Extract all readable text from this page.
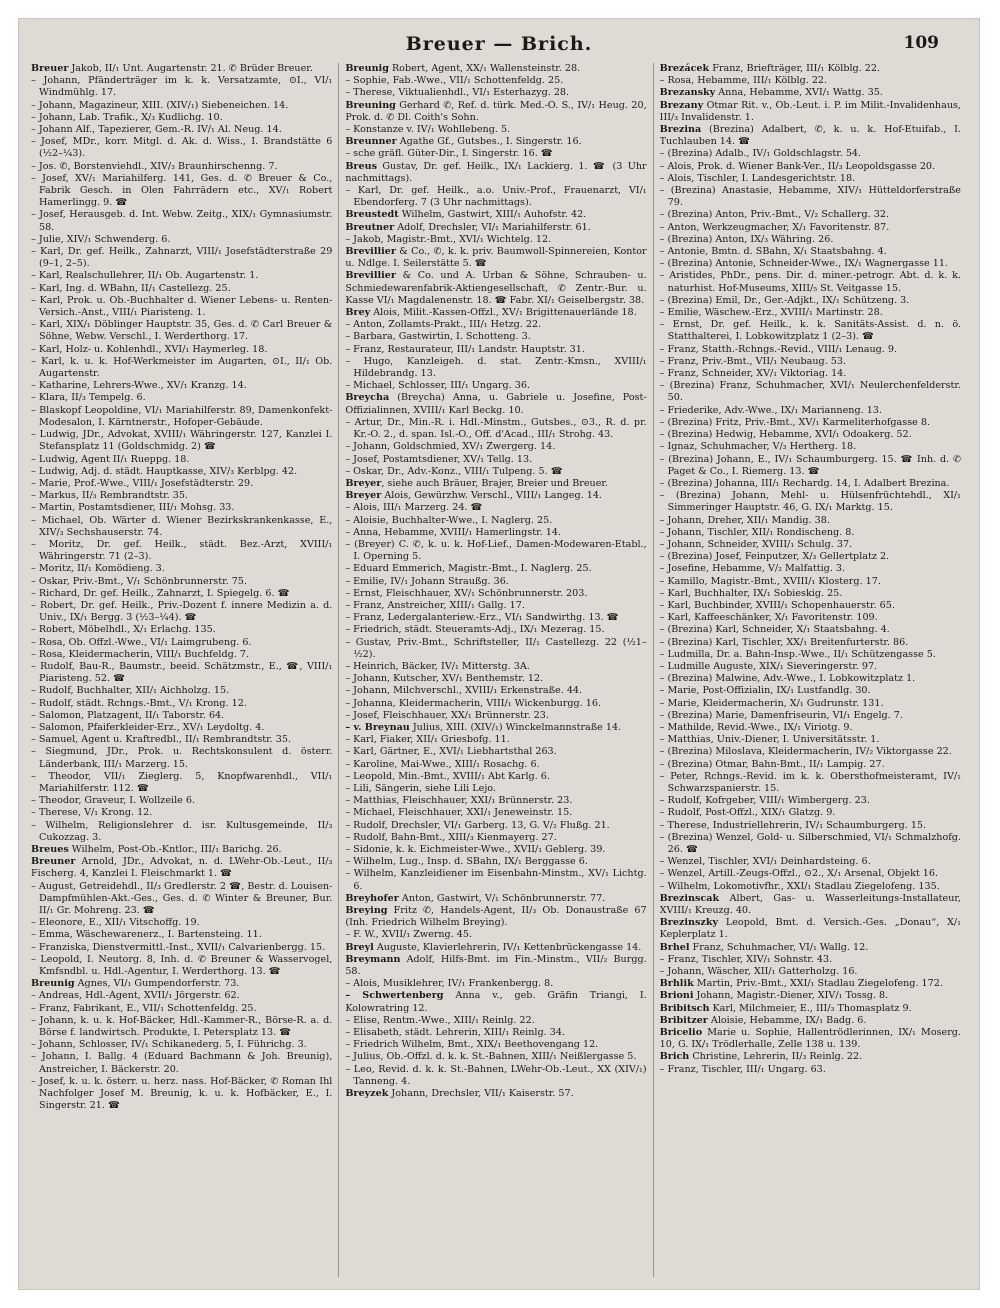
Breuer — Brich.	109

Breuer Jakob, II/₁ Unt. Augartenstr. 21. ✆ Brüder Breuer.

– Johann, Pfänderträger im k. k. Versatzamte, ⊙I., VI/₁ Windmühlg. 17.

– Johann, Magazineur, XIII. (XIV/₁) Siebeneichen. 14.

– Johann, Lab. Trafik., X/₃ Kudlichg. 10.

– Johann Alf., Tapezierer, Gem.-R. IV/₁ Al. Neug. 14.

– Josef, MDr., korr. Mitgl. d. Ak. d. Wiss., I. Brandstätte 6 (½2–¼3).

– Jos. ✆, Borstenviehdl., XIV/₃ Braunhirschenng. 7.

– Josef, XV/₁ Mariahilferg. 141, Ges. d. ✆ Breuer & Co., Fabrik Gesch. in Olen Fahrrädern etc., XV/₁ Robert Hamerlingg. 9. ☎

– Josef, Herausgeb. d. Int. Webw. Zeitg., XIX/₁ Gymnasiumstr. 58.

– Julie, XIV/₁ Schwenderg. 6.

– Karl, Dr. gef. Heilk., Zahnarzt, VIII/₁ Josefstädterstraße 29 (9–1, 2–5).

– Karl, Realschullehrer, II/₁ Ob. Augartenstr. 1.

– Karl, Ing. d. WBahn, II/₁ Castellezg. 25.

– Karl, Prok. u. Ob.-Buchhalter d. Wiener Lebens- u. Renten-Versich.-Anst., VIII/₁ Piaristeng. 1.

– Karl, XIX/₁ Döblinger Hauptstr. 35, Ges. d. ✆ Carl Breuer & Söhne, Webw. Verschl., I. Werderthorg. 17.

– Karl, Holz- u. Kohlenhdl., XVI/₁ Haymerleg. 18.

– Karl, k. u. k. Hof-Werkmeister im Augarten, ⊙I., II/₁ Ob. Augartenstr.

– Katharine, Lehrers-Wwe., XV/₁ Kranzg. 14.

– Klara, II/₃ Tempelg. 6.

– Blaskopf Leopoldine, VI/₁ Mariahilferstr. 89, Damenkonfekt-Modesalon, I. Kärntnerstr., Hofoper-Gebäude.

– Ludwig, JDr., Advokat, XVIII/₁ Währingerstr. 127, Kanzlei I. Stefansplatz 11 (Goldschmidg. 2) ☎

– Ludwig, Agent II/₁ Rueppg. 18.

– Ludwig, Adj. d. städt. Hauptkasse, XIV/₃ Kerblpg. 42.

– Marie, Prof.-Wwe., VIII/₁ Josefstädterstr. 29.

– Markus, II/₃ Rembrandtstr. 35.

– Martin, Postamtsdiener, III/₁ Mohsg. 33.

– Michael, Ob. Wärter d. Wiener Bezirkskrankenkasse, E., XIV/₃ Sechshauserstr. 74.

– Moritz, Dr. gef. Heilk., städt. Bez.-Arzt, XVIII/₁ Währingerstr. 71 (2–3).

– Moritz, II/₁ Komödieng. 3.

– Oskar, Priv.-Bmt., V/₁ Schönbrunnerstr. 75.

– Richard, Dr. gef. Heilk., Zahnarzt, I. Spiegelg. 6. ☎

– Robert, Dr. gef. Heilk., Priv.-Dozent f. innere Medizin a. d. Univ., IX/₁ Bergg. 3 (½3–¼4). ☎

– Robert, Möbelhdl., X/₁ Erlachg. 135.

– Rosa, Ob. Offzl.-Wwe., VI/₁ Laimgrubeng. 6.

– Rosa, Kleidermacherin, VIII/₁ Buchfeldg. 7.

– Rudolf, Bau-R., Baumstr., beeid. Schätzmstr., E., ☎, VIII/₁ Piaristeng. 52. ☎

– Rudolf, Buchhalter, XII/₁ Aichholzg. 15.

– Rudolf, städt. Rchngs.-Bmt., V/₁ Krong. 12.

– Salomon, Platzagent, II/₁ Taborstr. 64.

– Salomon, Pfaiferkleider-Erz., XV/₁ Leydoltg. 4.

– Samuel, Agent u. Kraftredbl., II/₁ Rembrandtstr. 35.

– Siegmund, JDr., Prok. u. Rechtskonsulent d. österr. Länderbank, III/₁ Marzerg. 15.

– Theodor, VII/₁ Zieglerg. 5, Knopfwarenhdl., VII/₁ Mariahilferstr. 112. ☎

– Theodor, Graveur, I. Wollzeile 6.

– Therese, V/₁ Krong. 12.

– Wilhelm, Religionslehrer d. isr. Kultusgemeinde, II/₃ Cukozzag. 3.

Breues Wilhelm, Post-Ob.-Kntlor., III/₁ Barichg. 26.

Breuner Arnold, JDr., Advokat, n. d. LWehr-Ob.-Leut., II/₃ Fischerg. 4, Kanzlei I. Fleischmarkt 1. ☎

– August, Getreidehdl., II/₃ Gredlerstr. 2 ☎, Bestr. d. Louisen-Dampfmühlen-Akt.-Ges., Ges. d. ✆ Winter & Breuner, Bur. II/₁ Gr. Mohreng. 23. ☎

– Eleonore, E., XII/₁ Vitschoffg. 19.

– Emma, Wäschewarenerz., I. Bartensteing. 11.

– Franziska, Dienstvermittl.-Inst., XVII/₁ Calvarienbergg. 15.

– Leopold, I. Neutorg. 8, Inh. d. ✆ Breuner & Wasservogel, Kmfsndbl. u. Hdl.-Agentur, I. Werderthorg. 13. ☎

Breunig Agnes, VI/₁ Gumpendorferstr. 73.

– Andreas, Hdl.-Agent, XVII/₁ Jörgerstr. 62.

– Franz, Fabrikant, E., VII/₁ Schottenfeldg. 25.

– Johann, k. u. k. Hof-Bäcker, Hdl.-Kammer-R., Börse-R. a. d. Börse f. landwirtsch. Produkte, I. Petersplatz 13. ☎

– Johann, Schlosser, IV/₁ Schikanederg. 5, I. Führichg. 3.

– Johann, I. Ballg. 4 (Eduard Bachmann & Joh. Breunig), Anstreicher, I. Bäckerstr. 20.

– Josef, k. u. k. österr. u. herz. nass. Hof-Bäcker, ✆ Roman Ihl Nachfolger Josef M. Breunig, k. u. k. Hofbäcker, E., I. Singerstr. 21. ☎

Breunig Robert, Agent, XX/₁ Wallensteinstr. 28.

– Sophie, Fab.-Wwe., VII/₁ Schottenfeldg. 25.

– Therese, Viktualienhdl., VI/₁ Esterhazyg. 28.

Breuning Gerhard ✆, Ref. d. türk. Med.-O. S., IV/₁ Heug. 20, Prok. d. ✆ Dl. Coith's Sohn.

– Konstanze v. IV/₁ Wohllebeng. 5.

Breunner Agathe Gf., Gutsbes., I. Singerstr. 16.

– sche gräfl. Güter-Dir., I. Singerstr. 16. ☎

Breus Gustav, Dr. gef. Heilk., IX/₁ Lackierg. 1. ☎ (3 Uhr nachmittags).

– Karl, Dr. gef. Heilk., a.o. Univ.-Prof., Frauenarzt, VI/₁ Ebendorferg. 7 (3 Uhr nachmittags).

Breustedt Wilhelm, Gastwirt, XIII/₁ Auhofstr. 42.

Breutner Adolf, Drechsler, VI/₁ Mariahilferstr. 61.

– Jakob, Magistr.-Bmt., XVI/₁ Wichtelg. 12.

Brevillier & Co., ✆, k. k. priv. Baumwoll-Spinnereien, Kontor u. Ndlge. I. Seilerstätte 5. ☎

Brevillier & Co. und A. Urban & Söhne, Schrauben- u. Schmiedewarenfabrik-Aktiengesellschaft, ✆ Zentr.-Bur. u. Kasse VI/₁ Magdalenenstr. 18. ☎ Fabr. XI/₁ Geiselbergstr. 38.

Brey Alois, Milit.-Kassen-Offzl., XV/₁ Brigittenauerlände 18.

– Anton, Zollamts-Prakt., III/₁ Hetzg. 22.

– Barbara, Gastwirtin, I. Schotteng. 3.

– Franz, Restaurateur, III/₁ Landstr. Hauptstr. 31.

– Hugo, Kanzleigeh. d. stat. Zentr.-Kmsn., XVIII/₁ Hildebrandg. 13.

– Michael, Schlosser, III/₁ Ungarg. 36.

Breycha (Breycha) Anna, u. Gabriele u. Josefine, Post-Offizialinnen, XVIII/₁ Karl Beckg. 10.

– Artur, Dr., Min.-R. i. Hdl.-Minstm., Gutsbes., ⊙3., R. d. pr. Kr.-O. 2., d. span. Isl.-O., Off. d'Acad., III/₁ Strohg. 43.

– Johann, Goldschmied, XV/₁ Zwergerg. 14.

– Josef, Postamtsdiener, XV/₁ Tellg. 13.

– Oskar, Dr., Adv.-Konz., VIII/₁ Tulpeng. 5. ☎

Breyer, siehe auch Bräuer, Brajer, Breier und Breuer.

Breyer Alois, Gewürzhw. Verschl., VIII/₁ Langeg. 14.

– Alois, III/₁ Marzerg. 24. ☎

– Aloisie, Buchhalter-Wwe., I. Naglerg. 25.

– Anna, Hebamme, XVIII/₁ Hamerlingstr. 14.

– (Breyer) C. ✆, k. u. k. Hof-Lief., Damen-Modewaren-Etabl., I. Operning 5.

– Eduard Emmerich, Magistr.-Bmt., I. Naglerg. 25.

– Emilie, IV/₁ Johann Straußg. 36.

– Ernst, Fleischhauer, XV/₁ Schönbrunnerstr. 203.

– Franz, Anstreicher, XIII/₁ Gallg. 17.

– Franz, Ledergalanteriew.-Erz., VI/₁ Sandwirthg. 13. ☎

– Friedrich, städt. Steueramts-Adj., IX/₁ Mezerag. 15.

– Gustav, Priv.-Bmt., Schriftsteller, II/₁ Castellezg. 22 (½1–½2).

– Heinrich, Bäcker, IV/₁ Mitterstg. 3A.

– Johann, Kutscher, XV/₁ Benthemstr. 12.

– Johann, Milchverschl., XVIII/₁ Erkenstraße. 44.

– Johanna, Kleidermacherin, VIII/₁ Wickenburgg. 16.

– Josef, Fleischhauer, XX/₁ Brünnerstr. 23.

– v. Breynau Julius, XIII. (XIV/₁) Winckelmannstraße 14.

– Karl, Fiaker, XII/₁ Griesbofg. 11.

– Karl, Gärtner, E., XVI/₁ Liebhartsthal 263.

– Karoline, Mai-Wwe., XIII/₁ Rosachg. 6.

– Leopold, Min.-Bmt., XVIII/₁ Abt Karlg. 6.

– Lili, Sängerin, siehe Lili Lejo.

– Matthias, Fleischhauer, XXI/₁ Brünnerstr. 23.

– Michael, Fleischhauer, XXI/₁ Jeneweinstr. 15.

– Rudolf, Drechsler, VI/₁ Garberg. 13, G. V/₂ Flußg. 21.

– Rudolf, Bahn-Bmt., XIII/₃ Kienmayerg. 27.

– Sidonie, k. k. Eichmeister-Wwe., XVII/₁ Geblerg. 39.

– Wilhelm, Lug., Insp. d. SBahn, IX/₁ Berggasse 6.

– Wilhelm, Kanzleidiener im Eisenbahn-Minstm., XV/₁ Lichtg. 6.

Breyhofer Anton, Gastwirt, V/₁ Schönbrunnerstr. 77.

Breying Fritz ✆, Handels-Agent, II/₃ Ob. Donaustraße 67 (Inh. Friedrich Wilhelm Breying).

– F. W., XVII/₁ Zwerng. 45.

Breyl Auguste, Klavierlehrerin, IV/₁ Kettenbrückengasse 14.

Breymann Adolf, Hilfs-Bmt. im Fin.-Minstm., VII/₂ Burgg. 58.

– Alois, Musiklehrer, IV/₁ Frankenbergg. 8.

– Schwertenberg Anna v., geb. Gräfin Triangi, I. Kolowratring 12.

– Elise, Rentm.-Wwe., XIII/₁ Reinlg. 22.

– Elisabeth, städt. Lehrerin, XIII/₁ Reinlg. 34.

– Friedrich Wilhelm, Bmt., XIX/₁ Beethovengang 12.

– Julius, Ob.-Offzl. d. k. k. St.-Bahnen, XIII/₁ Neißlergasse 5.

– Leo, Revid. d. k. k. St.-Bahnen, LWehr-Ob.-Leut., XX (XIV/₁) Tanneng. 4.

Breyzek Johann, Drechsler, VII/₁ Kaiserstr. 57.

Brezácek Franz, Briefträger, III/₁ Kölblg. 22.

– Rosa, Hebamme, III/₁ Kölblg. 22.

Brezansky Anna, Hebamme, XVI/₁ Wattg. 35.

Brezany Otmar Rit. v., Ob.-Leut. i. P. im Milit.-Invalidenhaus, III/₃ Invalidenstr. 1.

Brezina (Brezina) Adalbert, ✆, k. u. k. Hof-Etuifab., I. Tuchlauben 14. ☎

– (Brezina) Adalb., IV/₁ Goldschlagstr. 54.

– Alois, Prok. d. Wiener Bank-Ver., II/₃ Leopoldsgasse 20.

– Alois, Tischler, I. Landesgerichtstr. 18.

– (Brezina) Anastasie, Hebamme, XIV/₁ Hütteldorferstraße 79.

– (Brezina) Anton, Priv.-Bmt., V/₂ Schallerg. 32.

– Anton, Werkzeugmacher, X/₁ Favoritenstr. 87.

– (Brezina) Anton, IX/₃ Währing. 26.

– Antonie, Bmtn. d. SBahn, X/₁ Staatsbahng. 4.

– (Brezina) Antonie, Schneider-Wwe., IX/₁ Wagnergasse 11.

– Aristides, PhDr., pens. Dir. d. miner.-petrogr. Abt. d. k. k. naturhist. Hof-Museums, XIII/₅ St. Veitgasse 15.

– (Brezina) Emil, Dr., Ger.-Adjkt., IX/₁ Schützeng. 3.

– Emilie, Wäschew.-Erz., XVIII/₁ Martinstr. 28.

– Ernst, Dr. gef. Heilk., k. k. Sanitäts-Assist. d. n. ö. Statthalterei, I. Lobkowitzplatz 1 (2–3). ☎

– Franz, Statth.-Rchngs.-Revid., VIII/₁ Lenaug. 9.

– Franz, Priv.-Bmt., VII/₁ Neubaug. 53.

– Franz, Schneider, XV/₁ Viktoriag. 14.

– (Brezina) Franz, Schuhmacher, XVI/₁ Neulerchenfelderstr. 50.

– Friederike, Adv.-Wwe., IX/₁ Marianneng. 13.

– (Brezina) Fritz, Priv.-Bmt., XV/₁ Karmeliterhofgasse 8.

– (Brezina) Hedwig, Hebamme, XVI/₁ Odoakerg. 52.

– Ignaz, Schuhmacher, V/₃ Hertherg. 18.

– (Brezina) Johann, E., IV/₁ Schaumburgerg. 15. ☎ Inh. d. ✆ Paget & Co., I. Riemerg. 13. ☎

– (Brezina) Johanna, III/₁ Rechardg. 14, I. Adalbert Brezina.

– (Brezina) Johann, Mehl- u. Hülsenfrüchtehdl., XI/₁ Simmeringer Hauptstr. 46, G. IX/₁ Marktg. 15.

– Johann, Dreher, XII/₁ Mandig. 38.

– Johann, Tischler, XII/₁ Rondischeng. 8.

– Johann, Schneider, XVIII/₁ Schulg. 37.

– (Brezina) Josef, Feinputzer, X/₃ Gellertplatz 2.

– Josefine, Hebamme, V/₂ Malfattig. 3.

– Kamillo, Magistr.-Bmt., XVIII/₁ Klosterg. 17.

– Karl, Buchhalter, IX/₁ Sobieskig. 25.

– Karl, Buchbinder, XVIII/₁ Schopenhauerstr. 65.

– Karl, Kaffeeschänker, X/₁ Favoritenstr. 109.

– (Brezina) Karl, Schneider, X/₁ Staatsbahng. 4.

– (Brezina) Karl, Tischler, XX/₁ Breitenfurterstr. 86.

– Ludmilla, Dr. a. Bahn-Insp.-Wwe., II/₁ Schützengasse 5.

– Ludmille Auguste, XIX/₁ Sieveringerstr. 97.

– (Brezina) Malwine, Adv.-Wwe., I. Lobkowitzplatz 1.

– Marie, Post-Offizialin, IX/₁ Lustfandlg. 30.

– Marie, Kleidermacherin, X/₁ Gudrunstr. 131.

– (Brezina) Marie, Damenfriseurin, VI/₁ Engelg. 7.

– Mathilde, Revid.-Wwe., IX/₁ Viriotg. 9.

– Matthias, Univ.-Diener, I. Universitätsstr. 1.

– (Brezina) Miloslava, Kleidermacherin, IV/₂ Viktorgasse 22.

– (Brezina) Otmar, Bahn-Bmt., II/₁ Lampig. 27.

– Peter, Rchngs.-Revid. im k. k. Obersthofmeisteramt, IV/₁ Schwarzspanierstr. 15.

– Rudolf, Kofrgeber, VIII/₁ Wimbergerg. 23.

– Rudolf, Post-Offzl., XIX/₁ Glatzg. 9.

– Therese, Industriellehrerin, IV/₁ Schaumburgerg. 15.

– (Brezina) Wenzel, Gold- u. Silberschmied, VI/₁ Schmalzhofg. 26. ☎

– Wenzel, Tischler, XVI/₁ Deinhardsteing. 6.

– Wenzel, Artill.-Zeugs-Offzl., ⊙2., X/₁ Arsenal, Objekt 16.

– Wilhelm, Lokomotivfhr., XXI/₁ Stadlau Ziegelofeng. 135.

Brezinscak Albert, Gas- u. Wasserleitungs-Installateur, XVIII/₁ Kreuzg. 40.

Brezinszky Leopold, Bmt. d. Versich.-Ges. „Donau“, X/₁ Keplerplatz 1.

Brhel Franz, Schuhmacher, VI/₁ Wallg. 12.

– Franz, Tischler, XIV/₁ Sohnstr. 43.

– Johann, Wäscher, XII/₁ Gatterholzg. 16.

Brhlik Martin, Priv.-Bmt., XXI/₁ Stadlau Ziegelofeng. 172.

Brioni Johann, Magistr.-Diener, XIV/₁ Tossg. 8.

Bribitsch Karl, Milchmeier, E., III/₃ Thomasplatz 9.

Bribitzer Aloisie, Hebamme, IX/₁ Badg. 6.

Bricelio Marie u. Sophie, Hallentrödlerinnen, IX/₁ Moserg. 10, G. IX/₁ Trödlerhalle, Zelle 138 u. 139.

Brich Christine, Lehrerin, II/₃ Reinlg. 22.

– Franz, Tischler, III/₁ Ungarg. 63.
